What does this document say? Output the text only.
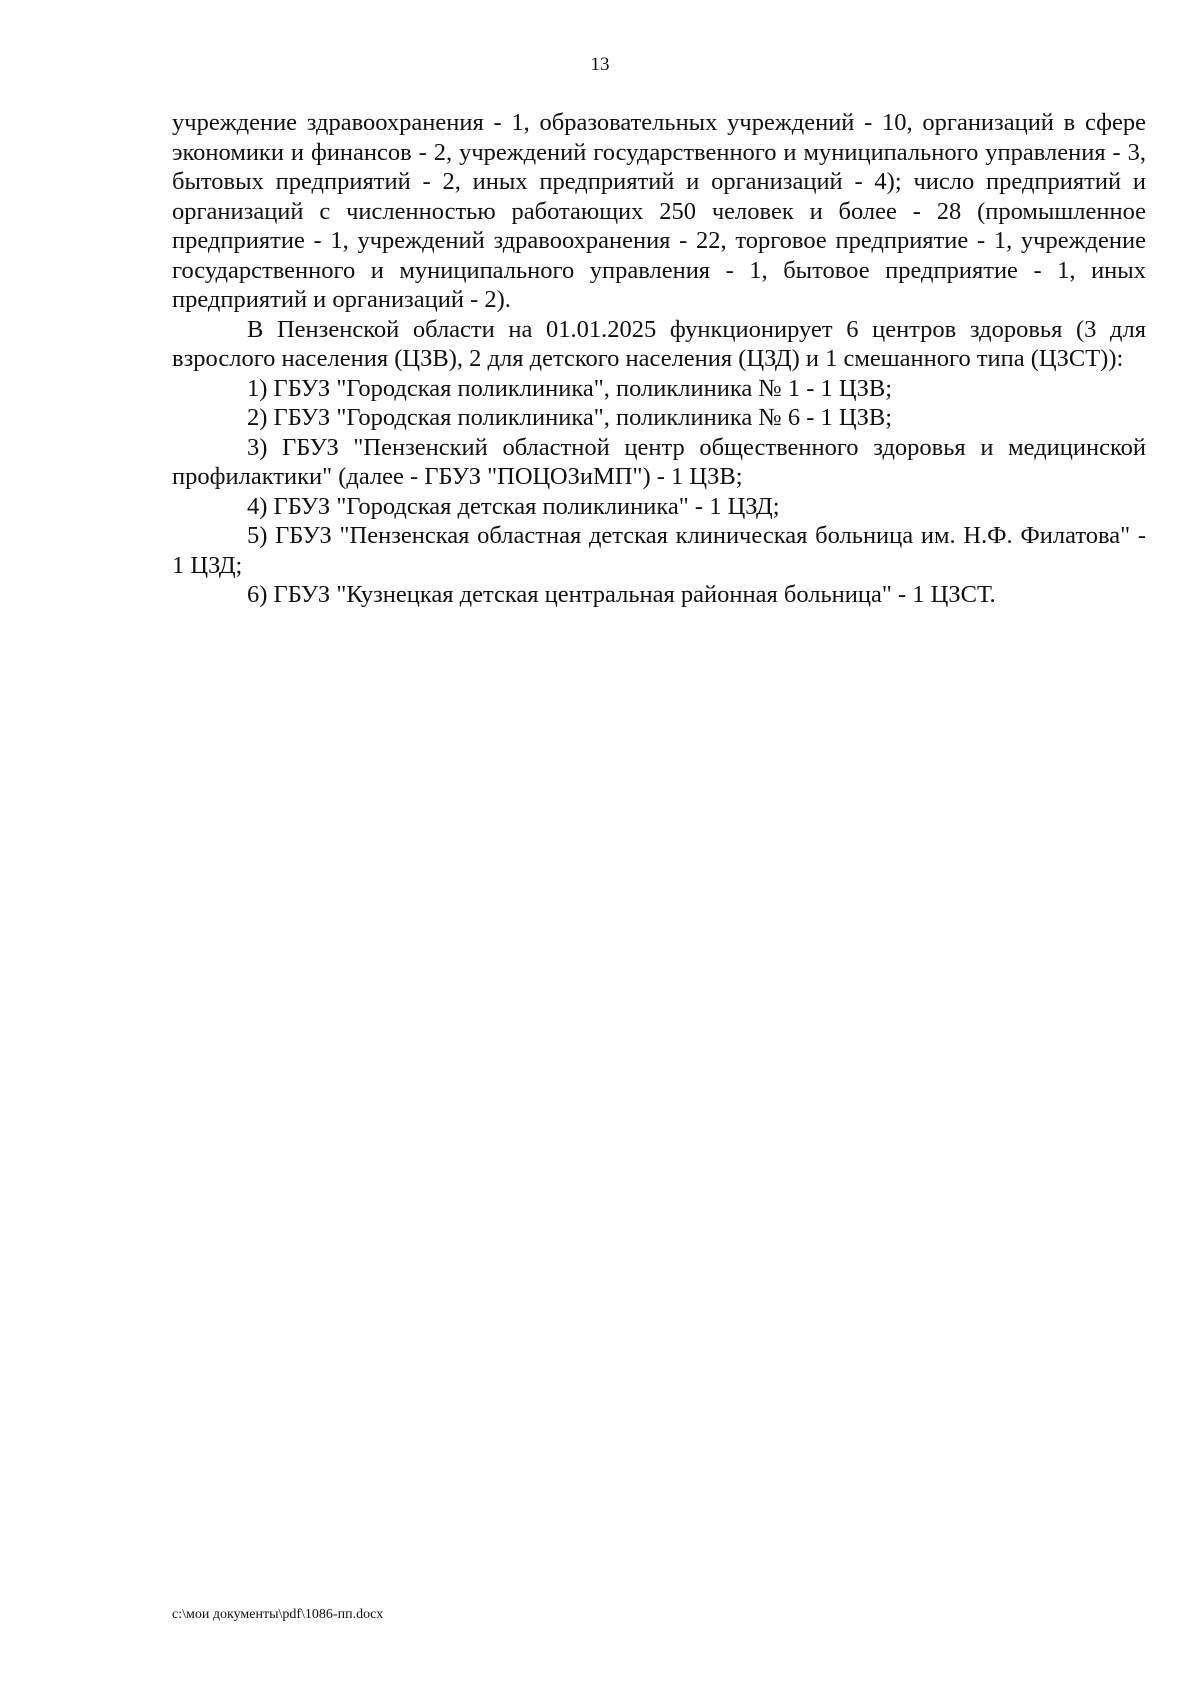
13

учреждение здравоохранения - 1, образовательных учреждений - 10, организаций в сфере экономики и финансов - 2, учреждений государственного и муниципального управления - 3, бытовых предприятий - 2, иных предприятий и организаций - 4); число предприятий и организаций с численностью работающих 250 человек и более - 28 (промышленное предприятие - 1, учреждений здравоохранения - 22, торговое предприятие - 1, учреждение государственного и муниципального управления - 1, бытовое предприятие - 1, иных предприятий и организаций - 2).

В Пензенской области на 01.01.2025 функционирует 6 центров здоровья (3 для взрослого населения (ЦЗВ), 2 для детского населения (ЦЗД) и 1 смешанного типа (ЦЗСТ)):

1) ГБУЗ "Городская поликлиника", поликлиника № 1 - 1 ЦЗВ;

2) ГБУЗ "Городская поликлиника", поликлиника № 6 - 1 ЦЗВ;

3) ГБУЗ "Пензенский областной центр общественного здоровья и медицинской профилактики" (далее - ГБУЗ "ПОЦОЗиМП") - 1 ЦЗВ;

4) ГБУЗ "Городская детская поликлиника" - 1 ЦЗД;

5) ГБУЗ "Пензенская областная детская клиническая больница им. Н.Ф. Филатова" - 1 ЦЗД;

6) ГБУЗ "Кузнецкая детская центральная районная больница" - 1 ЦЗСТ.

c:\мои документы\pdf\1086-пп.docx
